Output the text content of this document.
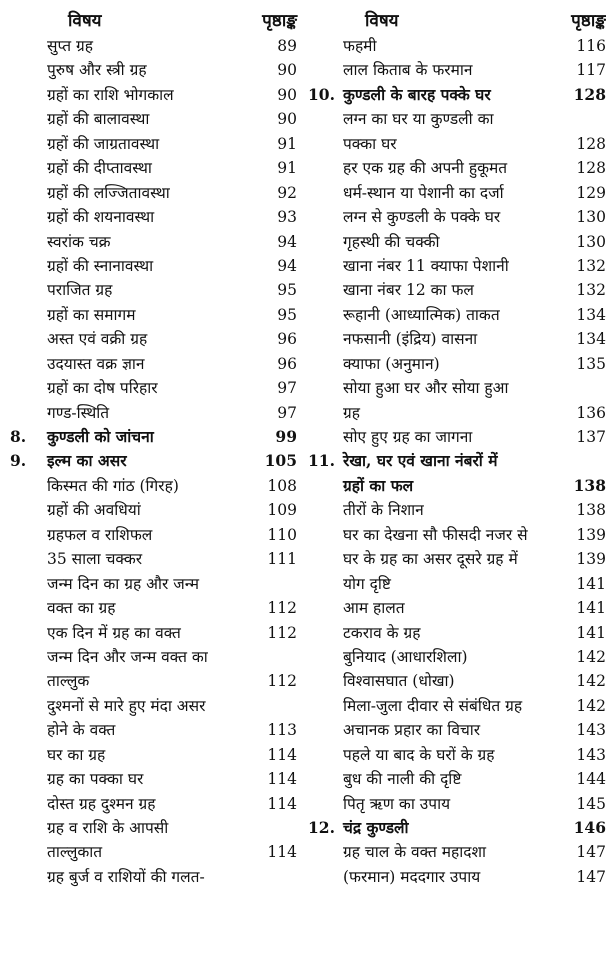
विषय	पृष्ठाङ्क
सुप्त ग्रह	89
पुरुष और स्त्री ग्रह	90
ग्रहों का राशि भोगकाल	90
ग्रहों की बालावस्था	90
ग्रहों की जाग्रतावस्था	91
ग्रहों की दीप्तावस्था	91
ग्रहों की लज्जितावस्था	92
ग्रहों की शयनावस्था	93
स्वरांक चक्र	94
ग्रहों की स्नानावस्था	94
पराजित ग्रह	95
ग्रहों का समागम	95
अस्त एवं वक्री ग्रह	96
उदयास्त वक्र ज्ञान	96
ग्रहों का दोष परिहार	97
गण्ड-स्थिति	97
8. कुण्डली को जांचना	99
9. इल्म का असर	105
किस्मत की गांठ (गिरह)	108
ग्रहों की अवधियां	109
ग्रहफल व राशिफल	110
35 साला चक्कर	111
जन्म दिन का ग्रह और जन्म
वक्त का ग्रह	112
एक दिन में ग्रह का वक्त	112
जन्म दिन और जन्म वक्त का
ताल्लुक	112
दुश्मनों से मारे हुए मंदा असर
होने के वक्त	113
घर का ग्रह	114
ग्रह का पक्का घर	114
दोस्त ग्रह दुश्मन ग्रह	114
ग्रह व राशि के आपसी
ताल्लुकात	114
ग्रह बुर्ज व राशियों की गलत-
विषय	पृष्ठाङ्क
फहमी	116
लाल किताब के फरमान	117
10. कुण्डली के बारह पक्के घर	128
लग्न का घर या कुण्डली का
पक्का घर	128
हर एक ग्रह की अपनी हुकूमत	128
धर्म-स्थान या पेशानी का दर्जा	129
लग्न से कुण्डली के पक्के घर	130
गृहस्थी की चक्की	130
खाना नंबर 11 क्याफा पेशानी	132
खाना नंबर 12 का फल	132
रूहानी (आध्यात्मिक) ताकत	134
नफसानी (इंद्रिय) वासना	134
क्याफा (अनुमान)	135
सोया हुआ घर और सोया हुआ
ग्रह	136
सोए हुए ग्रह का जागना	137
11. रेखा, घर एवं खाना नंबरों में
ग्रहों का फल	138
तीरों के निशान	138
घर का देखना सौ फीसदी नजर से	139
घर के ग्रह का असर दूसरे ग्रह में	139
योग दृष्टि	141
आम हालत	141
टकराव के ग्रह	141
बुनियाद (आधारशिला)	142
विश्वासघात (धोखा)	142
मिला-जुला दीवार से संबंधित ग्रह	142
अचानक प्रहार का विचार	143
पहले या बाद के घरों के ग्रह	143
बुध की नाली की दृष्टि	144
पितृ ऋण का उपाय	145
12. चंद्र कुण्डली	146
ग्रह चाल के वक्त महादशा	147
(फरमान) मददगार उपाय	147
